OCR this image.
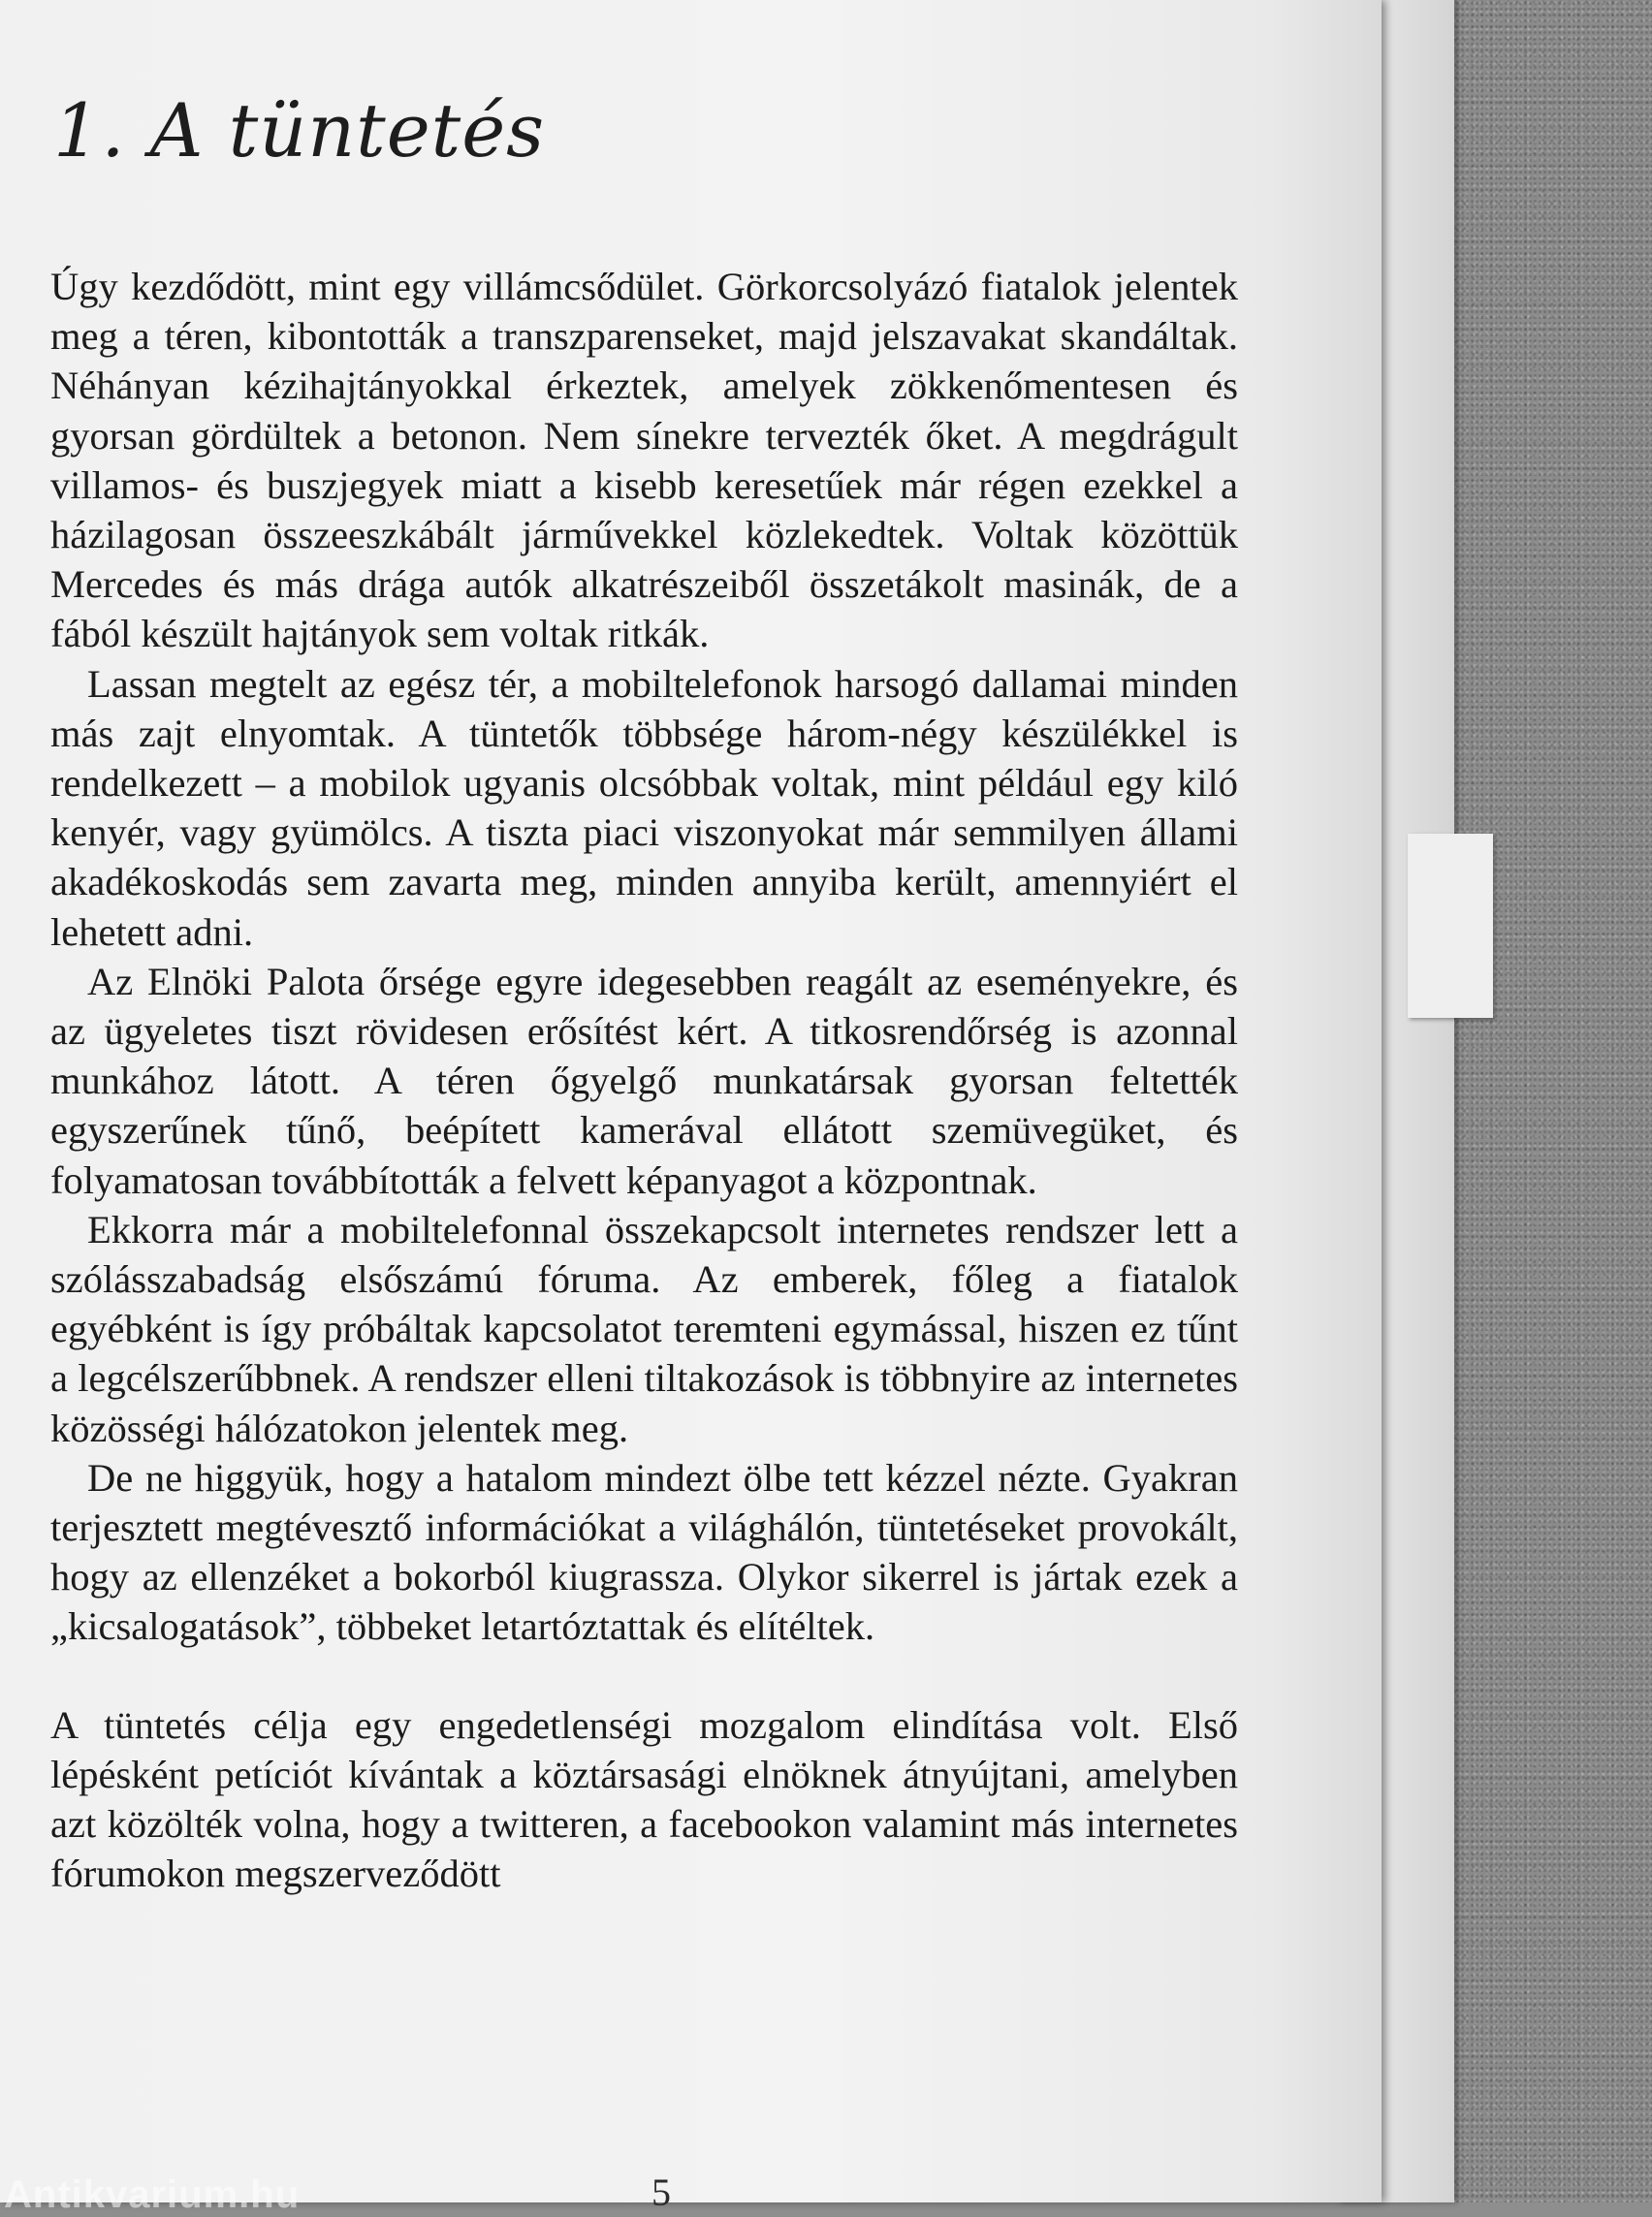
1. A tüntetés

Úgy kezdődött, mint egy villámcsődület. Görkorcsolyázó fiatalok jelentek meg a téren, kibontották a transzparenseket, majd jelszavakat skandáltak. Néhányan kézihajtányokkal érkeztek, amelyek zökkenőmentesen és gyorsan gördültek a betonon. Nem sínekre tervezték őket. A megdrágult villamos- és buszjegyek miatt a kisebb keresetűek már régen ezekkel a házilagosan összeeszkábált járművekkel közlekedtek. Voltak közöttük Mercedes és más drága autók alkatrészeiből összetákolt masinák, de a fából készült hajtányok sem voltak ritkák.

Lassan megtelt az egész tér, a mobiltelefonok harsogó dallamai minden más zajt elnyomtak. A tüntetők többsége három-négy készülékkel is rendelkezett – a mobilok ugyanis olcsóbbak voltak, mint például egy kiló kenyér, vagy gyümölcs. A tiszta piaci viszonyokat már semmilyen állami akadékoskodás sem zavarta meg, minden annyiba került, amennyiért el lehetett adni.

Az Elnöki Palota őrsége egyre idegesebben reagált az eseményekre, és az ügyeletes tiszt rövidesen erősítést kért. A titkosrendőrség is azonnal munkához látott. A téren őgyelgő munkatársak gyorsan feltették egyszerűnek tűnő, beépített kamerával ellátott szemüvegüket, és folyamatosan továbbították a felvett képanyagot a központnak.

Ekkorra már a mobiltelefonnal összekapcsolt internetes rendszer lett a szólásszabadság elsőszámú fóruma. Az emberek, főleg a fiatalok egyébként is így próbáltak kapcsolatot teremteni egymással, hiszen ez tűnt a legcélszerűbbnek. A rendszer elleni tiltakozások is többnyire az internetes közösségi hálózatokon jelentek meg.

De ne higgyük, hogy a hatalom mindezt ölbe tett kézzel nézte. Gyakran terjesztett megtévesztő információkat a világhálón, tüntetéseket provokált, hogy az ellenzéket a bokorból kiugrassza. Olykor sikerrel is jártak ezek a „kicsalogatások”, többeket letartóztattak és elítéltek.

A tüntetés célja egy engedetlenségi mozgalom elindítása volt. Első lépésként petíciót kívántak a köztársasági elnöknek átnyújtani, amelyben azt közölték volna, hogy a twitteren, a facebookon valamint más internetes fórumokon megszerveződött

5
Antikvarium.hu
